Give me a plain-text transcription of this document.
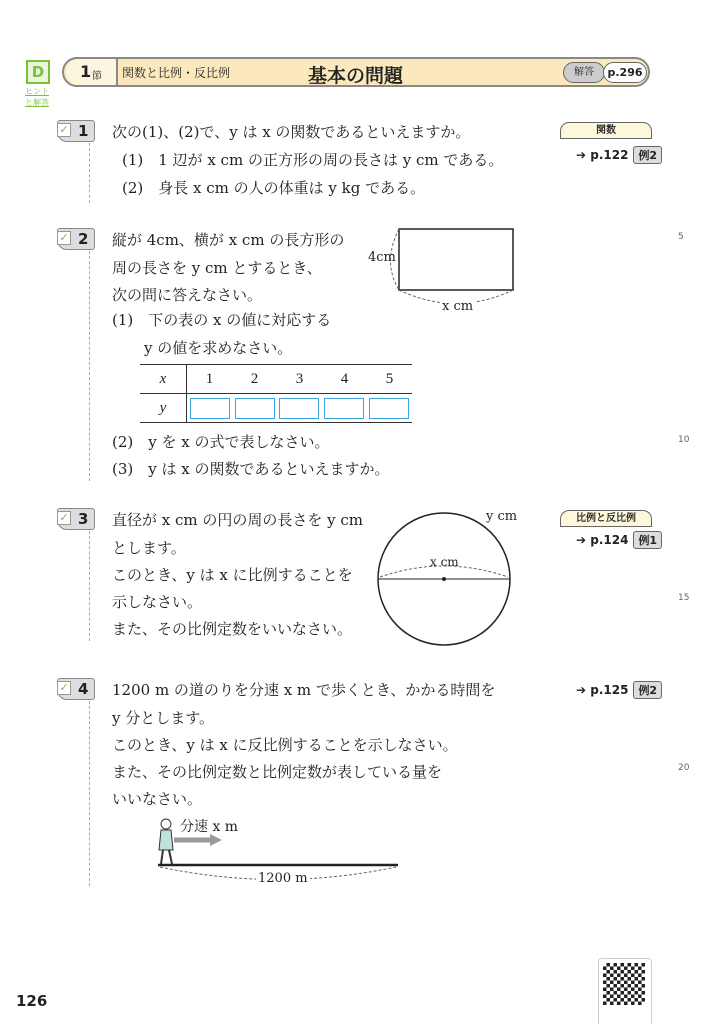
D
ヒントと解答
1 節 関数と比例・反比例	基本の問題	解答	p.296
✓ 1 次の(1)、(2)で、y は x の関数であるといえますか。
(1)　1 辺が x cm の正方形の周の長さは y cm である。
(2)　身長 x cm の人の体重は y kg である。
関数
➔ p.122 例2
✓ 2 縦が 4cm、横が x cm の長方形の
周の長さを y cm とするとき、
次の問に答えなさい。
(1)　下の表の x の値に対応する
y の値を求めなさい。
(2)　y を x の式で表しなさい。
(3)　y は x の関数であるといえますか。
4cm
x cm
x	1	2	3	4	5
y					
✓ 3 直径が x cm の円の周の長さを y cm
とします。
このとき、y は x に比例することを
示しなさい。
また、その比例定数をいいなさい。
y cm
x cm
比例と反比例
➔ p.124 例1
✓ 4 1200 m の道のりを分速 x m で歩くとき、かかる時間を
y 分とします。
このとき、y は x に反比例することを示しなさい。
また、その比例定数と比例定数が表している量を
いいなさい。
➔ p.125 例2
分速 x m
1200 m
5
10
15
20
126
